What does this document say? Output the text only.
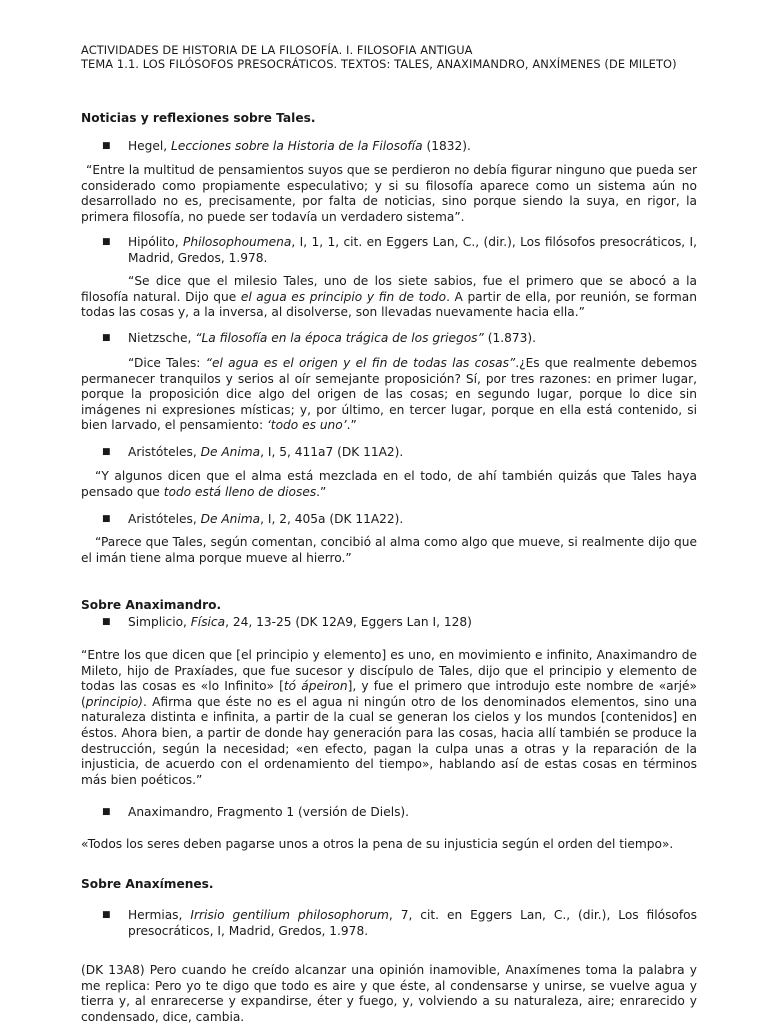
ACTIVIDADES DE HISTORIA DE LA FILOSOFÍA. I. FILOSOFIA ANTIGUA
TEMA 1.1. LOS FILÓSOFOS PRESOCRÁTICOS. TEXTOS: TALES, ANAXIMANDRO, ANXÍMENES (DE MILETO)
Noticias y reflexiones sobre Tales.
■	Hegel, Lecciones sobre la Historia de la Filosofía (1832).

“Entre la multitud de pensamientos suyos que se perdieron no debía figurar ninguno que pueda ser considerado como propiamente especulativo; y si su filosofía aparece como un sistema aún no desarrollado no es, precisamente, por falta de noticias, sino porque siendo la suya, en rigor, la primera filosofía, no puede ser todavía un verdadero sistema”.

■	Hipólito, Philosophoumena, I, 1, 1, cit. en Eggers Lan, C., (dir.), Los filósofos presocráticos, I, Madrid, Gredos, 1.978.

“Se dice que el milesio Tales, uno de los siete sabios, fue el primero que se abocó a la filosofía natural. Dijo que el agua es principio y fin de todo. A partir de ella, por reunión, se forman todas las cosas y, a la inversa, al disolverse, son llevadas nuevamente hacia ella.”

■	Nietzsche, “La filosofía en la época trágica de los griegos” (1.873).

“Dice Tales: “el agua es el origen y el fin de todas las cosas”.¿Es que realmente debemos permanecer tranquilos y serios al oír semejante proposición? Sí, por tres razones: en primer lugar, porque la proposición dice algo del origen de las cosas; en segundo lugar, porque lo dice sin imágenes ni expresiones místicas; y, por último, en tercer lugar, porque en ella está contenido, si bien larvado, el pensamiento: ‘todo es uno’.”

■	Aristóteles, De Anima, I, 5, 411a7 (DK 11A2).

“Y algunos dicen que el alma está mezclada en el todo, de ahí también quizás que Tales haya pensado que todo está lleno de dioses.”

■	Aristóteles, De Anima, I, 2, 405a (DK 11A22).

“Parece que Tales, según comentan, concibió al alma como algo que mueve, si realmente dijo que el imán tiene alma porque mueve al hierro.”

Sobre Anaximandro.
■	Simplicio, Física, 24, 13-25 (DK 12A9, Eggers Lan I, 128)

“Entre los que dicen que [el principio y elemento] es uno, en movimiento e infinito, Anaximandro de Mileto, hijo de Praxíades, que fue sucesor y discípulo de Tales, dijo que el principio y elemento de todas las cosas es «lo Infinito» [tó ápeiron], y fue el primero que introdujo este nombre de «arjé» (principio). Afirma que éste no es el agua ni ningún otro de los denominados elementos, sino una naturaleza distinta e infinita, a partir de la cual se generan los cielos y los mundos [contenidos] en éstos. Ahora bien, a partir de donde hay generación para las cosas, hacia allí también se produce la destrucción, según la necesidad; «en efecto, pagan la culpa unas a otras y la reparación de la injusticia, de acuerdo con el ordenamiento del tiempo», hablando así de estas cosas en términos más bien poéticos.”

■	Anaximandro, Fragmento 1 (versión de Diels).

«Todos los seres deben pagarse unos a otros la pena de su injusticia según el orden del tiempo».

Sobre Anaxímenes.
■	Hermias, Irrisio gentilium philosophorum, 7, cit. en Eggers Lan, C., (dir.), Los filósofos presocráticos, I, Madrid, Gredos, 1.978.

(DK 13A8) Pero cuando he creído alcanzar una opinión inamovible, Anaxímenes toma la palabra y me replica: Pero yo te digo que todo es aire y que éste, al condensarse y unirse, se vuelve agua y tierra y, al enrarecerse y expandirse, éter y fuego, y, volviendo a su naturaleza, aire; enrarecido y condensado, dice, cambia.
